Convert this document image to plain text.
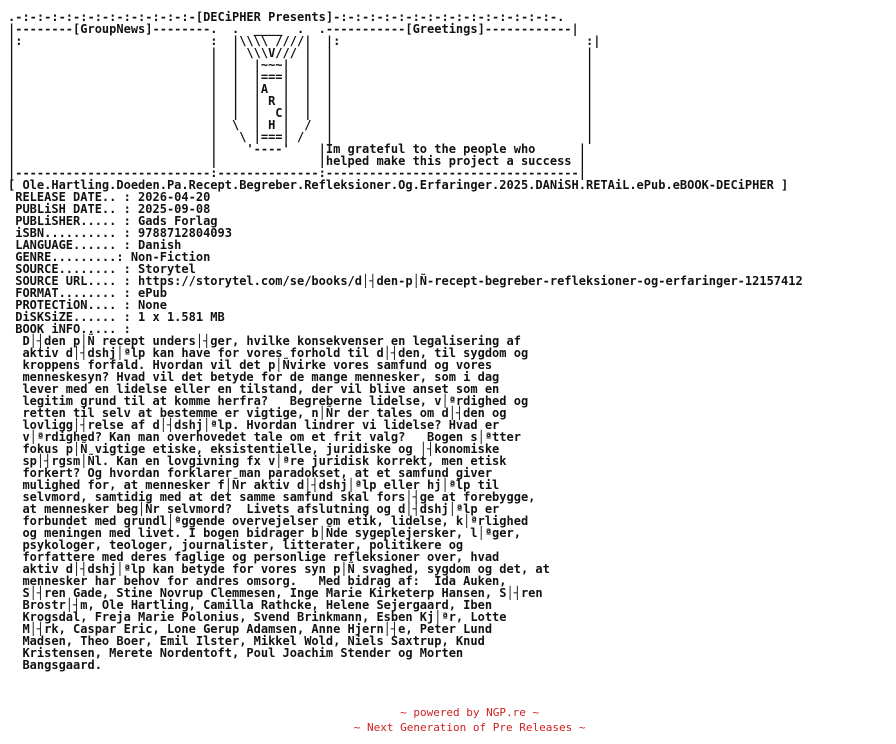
.-:-:-:-:-:-:-:-:-:-:-:-:-[DECiPHER Presents]-:-:-:-:-:-:-:-:-:-:-:-:-:-:-:-.
|--------[GroupNews]--------.  .  ____  .  .-----------[Greetings]------------|
|:                          :  |\\\\ ////|  |:                                  :|
|                           |  | \\\V/// |  |                                   |
|                           |  |  |~~~|  |  |                                   |
|                           |  |  |===|  |  |                                   |
|                           |  |  |A  |  |  |                                   |
|                           |  |  | R |  |  |                                   |
|                           |  |  |  C|  |  |                                   |
|                           |  \  | H |  /  |                                   |
|                           |   \ |===| /   |                                   |
|                           |    '----'    |Im grateful to the people who      |
|                           |              |helped make this project a success |
|---------------------------:--------------:-----------------------------------|
[ Ole.Hartling.Doeden.Pa.Recept.Begreber.Refleksioner.Og.Erfaringer.2025.DANiSH.RETAiL.ePub.eBOOK-DECiPHER ]
RELEASE DATE.. : 2026-04-20
PUBLiSH DATE.. : 2025-09-08
PUBLiSHER..... : Gads Forlag
iSBN.......... : 9788712804093
LANGUAGE...... : Danish
GENRE.........: Non-Fiction
SOURCE........ : Storytel
SOURCE URL.... : https://storytel.com/se/books/d│┤den-p│Ñ-recept-begreber-refleksioner-og-erfaringer-12157412
FORMAT........ : ePub
PROTECTiON.... : None
DiSKSiZE...... : 1 x 1.581 MB
BOOK iNFO..... :
D│┤den p│Ñ recept unders│┤ger, hvilke konsekvenser en legalisering af
aktiv d│┤dshj│ªlp kan have for vores forhold til d│┤den, til sygdom og
kroppens forfald. Hvordan vil det p│Ñvirke vores samfund og vores
menneskesyn? Hvad vil det betyde for de mange mennesker, som i dag
lever med en lidelse eller en tilstand, der vil blive anset som en
legitim grund til at komme herfra?   Begreberne lidelse, v│ªrdighed og
retten til selv at bestemme er vigtige, n│Ñr der tales om d│┤den og
lovligg│┤relse af d│┤dshj│ªlp. Hvordan lindrer vi lidelse? Hvad er
v│ªrdighed? Kan man overhovedet tale om et frit valg?   Bogen s│ªtter
fokus p│Ñ vigtige etiske, eksistentielle, juridiske og │┤konomiske
sp│┤rgsm│Ñl. Kan en lovgivning fx v│ªre juridisk korrekt, men etisk
forkert? Og hvordan forklarer man paradokset, at et samfund giver
mulighed for, at mennesker f│Ñr aktiv d│┤dshj│ªlp eller hj│ªlp til
selvmord, samtidig med at det samme samfund skal fors│┤ge at forebygge,
at mennesker beg│Ñr selvmord?  Livets afslutning og d│┤dshj│ªlp er
forbundet med grundl│ªggende overvejelser om etik, lidelse, k│ªrlighed
og meningen med livet. I bogen bidrager b│Ñde sygeplejersker, l│ªger,
psykologer, teologer, journalister, litterater, politikere og
forfattere med deres faglige og personlige refleksioner over, hvad
aktiv d│┤dshj│ªlp kan betyde for vores syn p│Ñ svaghed, sygdom og det, at
mennesker har behov for andres omsorg.   Med bidrag af:  Ida Auken,
S│┤ren Gade, Stine Novrup Clemmesen, Inge Marie Kirketerp Hansen, S│┤ren
Brostr│┤m, Ole Hartling, Camilla Rathcke, Helene Sejergaard, Iben
Krogsdal, Freja Marie Polonius, Svend Brinkmann, Esben Kj│ªr, Lotte
M│┤rk, Caspar Eric, Lone Gerup Adamsen, Anne Hjern│┤e, Peter Lund
Madsen, Theo Boer, Emil Ilster, Mikkel Wold, Niels Saxtrup, Knud
Kristensen, Merete Nordentoft, Poul Joachim Stender og Morten
Bangsgaard.

~ powered by NGP.re ~

~ Next Generation of Pre Releases ~
